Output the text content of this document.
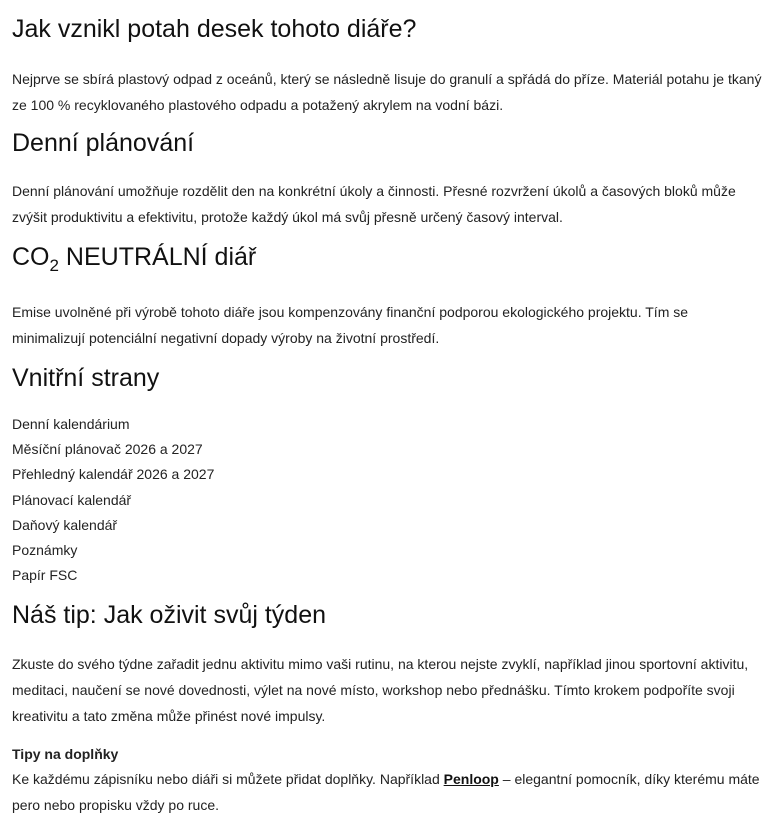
Jak vznikl potah desek tohoto diáře?

Nejprve se sbírá plastový odpad z oceánů, který se následně lisuje do granulí a spřádá do příze. Materiál potahu je tkaný ze 100 % recyklovaného plastového odpadu a potažený akrylem na vodní bázi.

Denní plánování

Denní plánování umožňuje rozdělit den na konkrétní úkoly a činnosti. Přesné rozvržení úkolů a časových bloků může zvýšit produktivitu a efektivitu, protože každý úkol má svůj přesně určený časový interval.

$CO_2$ NEUTRÁLNÍ diář

Emise uvolněné při výrobě tohoto diáře jsou kompenzovány finanční podporou ekologického projektu. Tím se minimalizují potenciální negativní dopady výroby na životní prostředí.

Vnitřní strany
Denní kalendárium
Měsíční plánovač 2026 a 2027
Přehledný kalendář 2026 a 2027
Plánovací kalendář
Daňový kalendář
Poznámky
Papír FSC
Náš tip: Jak oživit svůj týden

Zkuste do svého týdne zařadit jednu aktivitu mimo vaši rutinu, na kterou nejste zvyklí, například jinou sportovní aktivitu, meditaci, naučení se nové dovednosti, výlet na nové místo, workshop nebo přednášku. Tímto krokem podpoříte svoji kreativitu a tato změna může přinést nové impulsy.

Tipy na doplňky

Ke každému zápisníku nebo diáři si můžete přidat doplňky. Například Penloop – elegantní pomocník, díky kterému máte pero nebo propisku vždy po ruce.
